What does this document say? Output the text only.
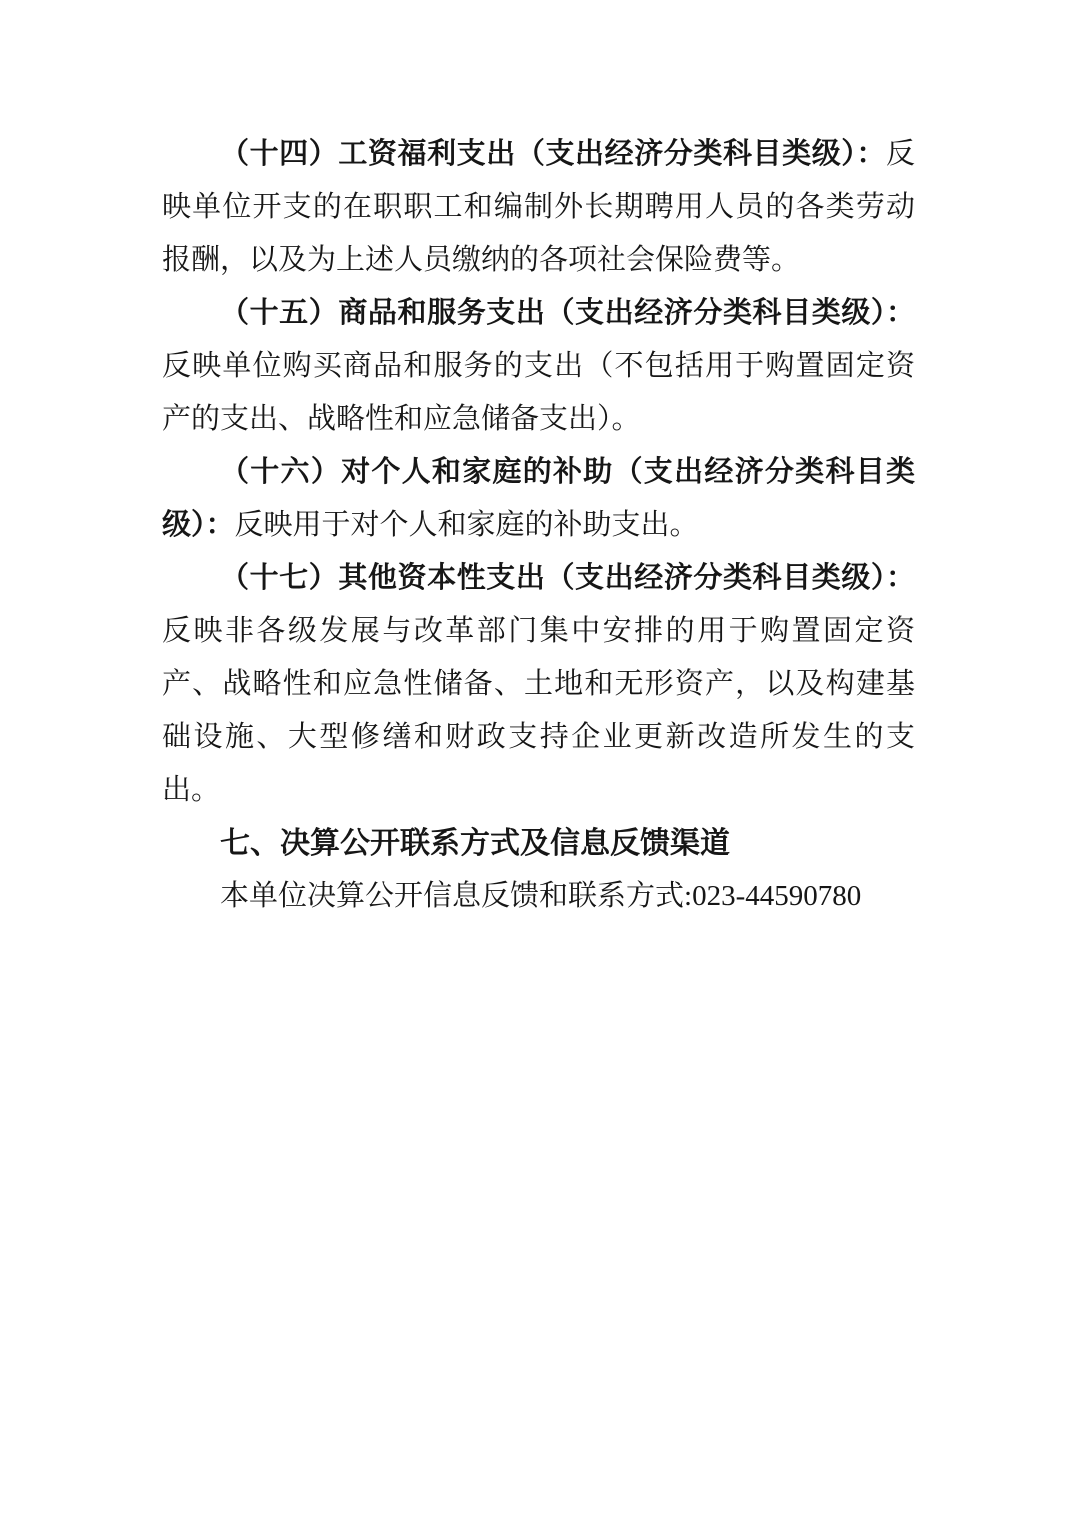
（十四）工资福利支出（支出经济分类科目类级）：反映单位开支的在职职工和编制外长期聘用人员的各类劳动报酬，以及为上述人员缴纳的各项社会保险费等。

（十五）商品和服务支出（支出经济分类科目类级）：反映单位购买商品和服务的支出（不包括用于购置固定资产的支出、战略性和应急储备支出）。

（十六）对个人和家庭的补助（支出经济分类科目类级）：反映用于对个人和家庭的补助支出。

（十七）其他资本性支出（支出经济分类科目类级）：反映非各级发展与改革部门集中安排的用于购置固定资产、战略性和应急性储备、土地和无形资产，以及构建基础设施、大型修缮和财政支持企业更新改造所发生的支出。

七、决算公开联系方式及信息反馈渠道

本单位决算公开信息反馈和联系方式:023-44590780
